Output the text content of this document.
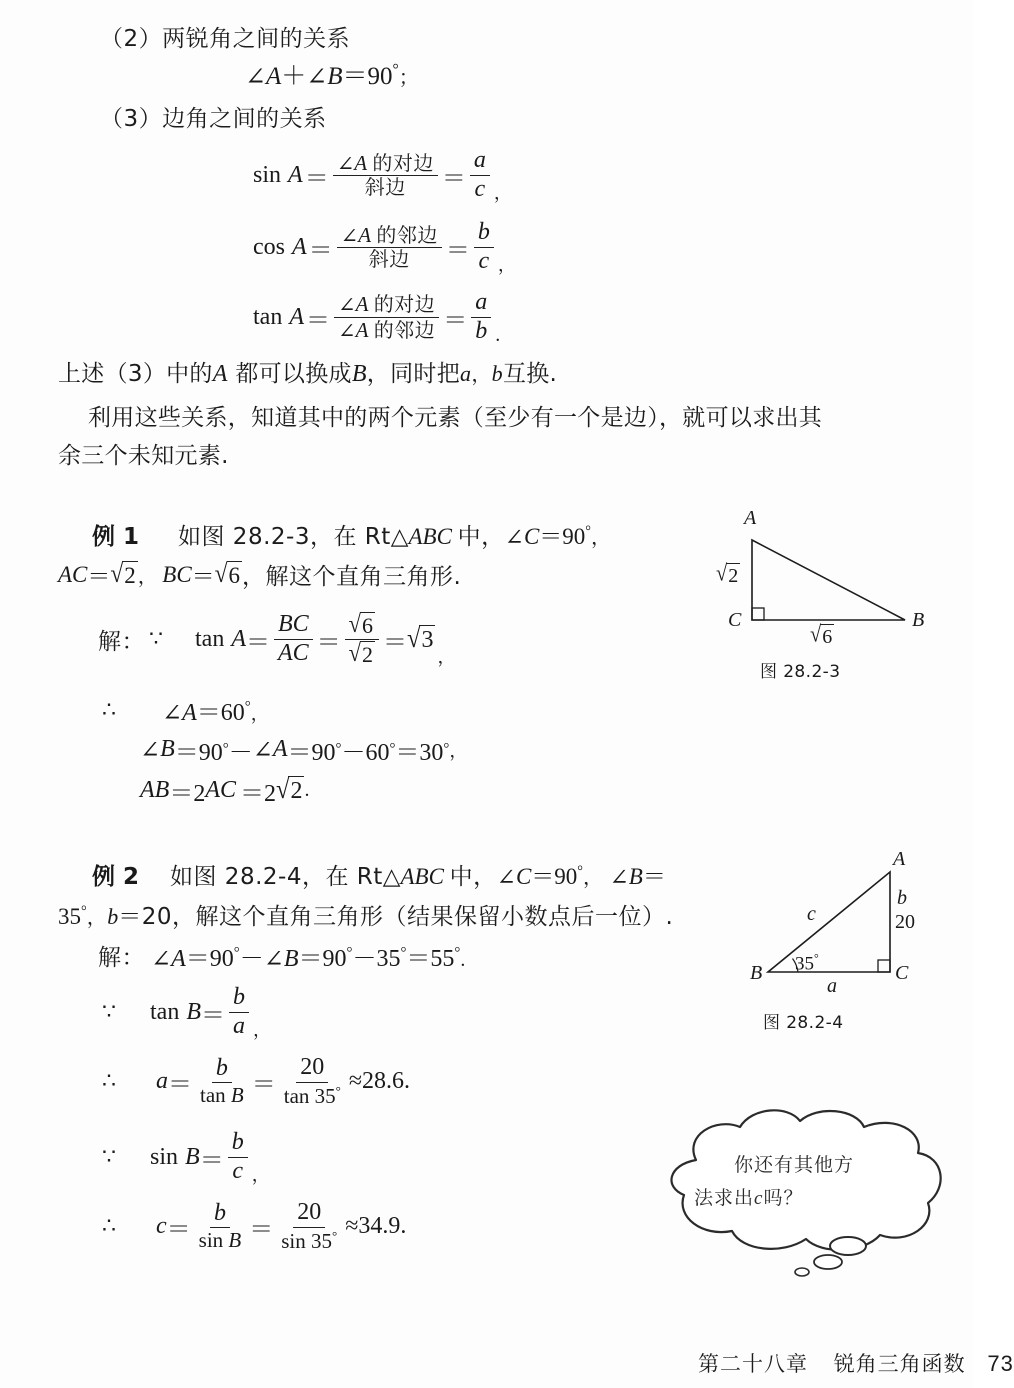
（2）两锐角之间的关系
∠A＋∠B＝90°；
（3）边角之间的关系
$\sin A = \frac{\text{∠A 的对边}}{\text{斜边}} = \frac{a}{c}$ ，
$\cos A = \frac{\text{∠A 的邻边}}{\text{斜边}} = \frac{b}{c}$ ，
$\tan A = \frac{\text{∠A 的对边}}{\text{∠A 的邻边}} = \frac{a}{b}$ .
上述（3）中的A 都可以换成B，同时把a，b互换.
利用这些关系，知道其中的两个元素（至少有一个是边），就可以求出其
余三个未知元素.
例 1 如图 28.2-3，在 Rt△ABC 中，∠C＝90°，
AC ＝ √ 2 ， BC ＝ √ 6 ，解这个直角三角形.
解： ∵ $\tan A = \frac{BC}{AC} = \frac{√ 6}{√ 2}$ ＝ √ 3
，
∴ ∠A＝60°，
∠ B ＝90 ° － ∠ A ＝90 ° －60 ° ＝30 ° ，
AB ＝2 AC ＝2 √ 2 .
A
B
C
√ 2
√ 6
图 28.2-3
例 2 如图 28.2-4，在 Rt△ABC 中，∠C＝90°， ∠B＝
35°，b＝20，解这个直角三角形（结果保留小数点后一位）.
解： ∠A＝90°－∠B＝90°－35°＝55°.
∵ $\tan B = \frac{b}{a}$ ，
∴ $a = \frac{b}{\text{tan B}} = \frac{20}{\tan 35^\circ} \approx 28.6$.
∵ $\sin B = \frac{b}{c}$ ，
∴ $c = \frac{b}{\text{sin B}} = \frac{20}{\sin 35^\circ} \approx 34.9$.
A
B	C
b
20
c
a
35°
图 28.2-4
你还有其他方
法求出c吗？
第二十八章 锐角三角函数 73
